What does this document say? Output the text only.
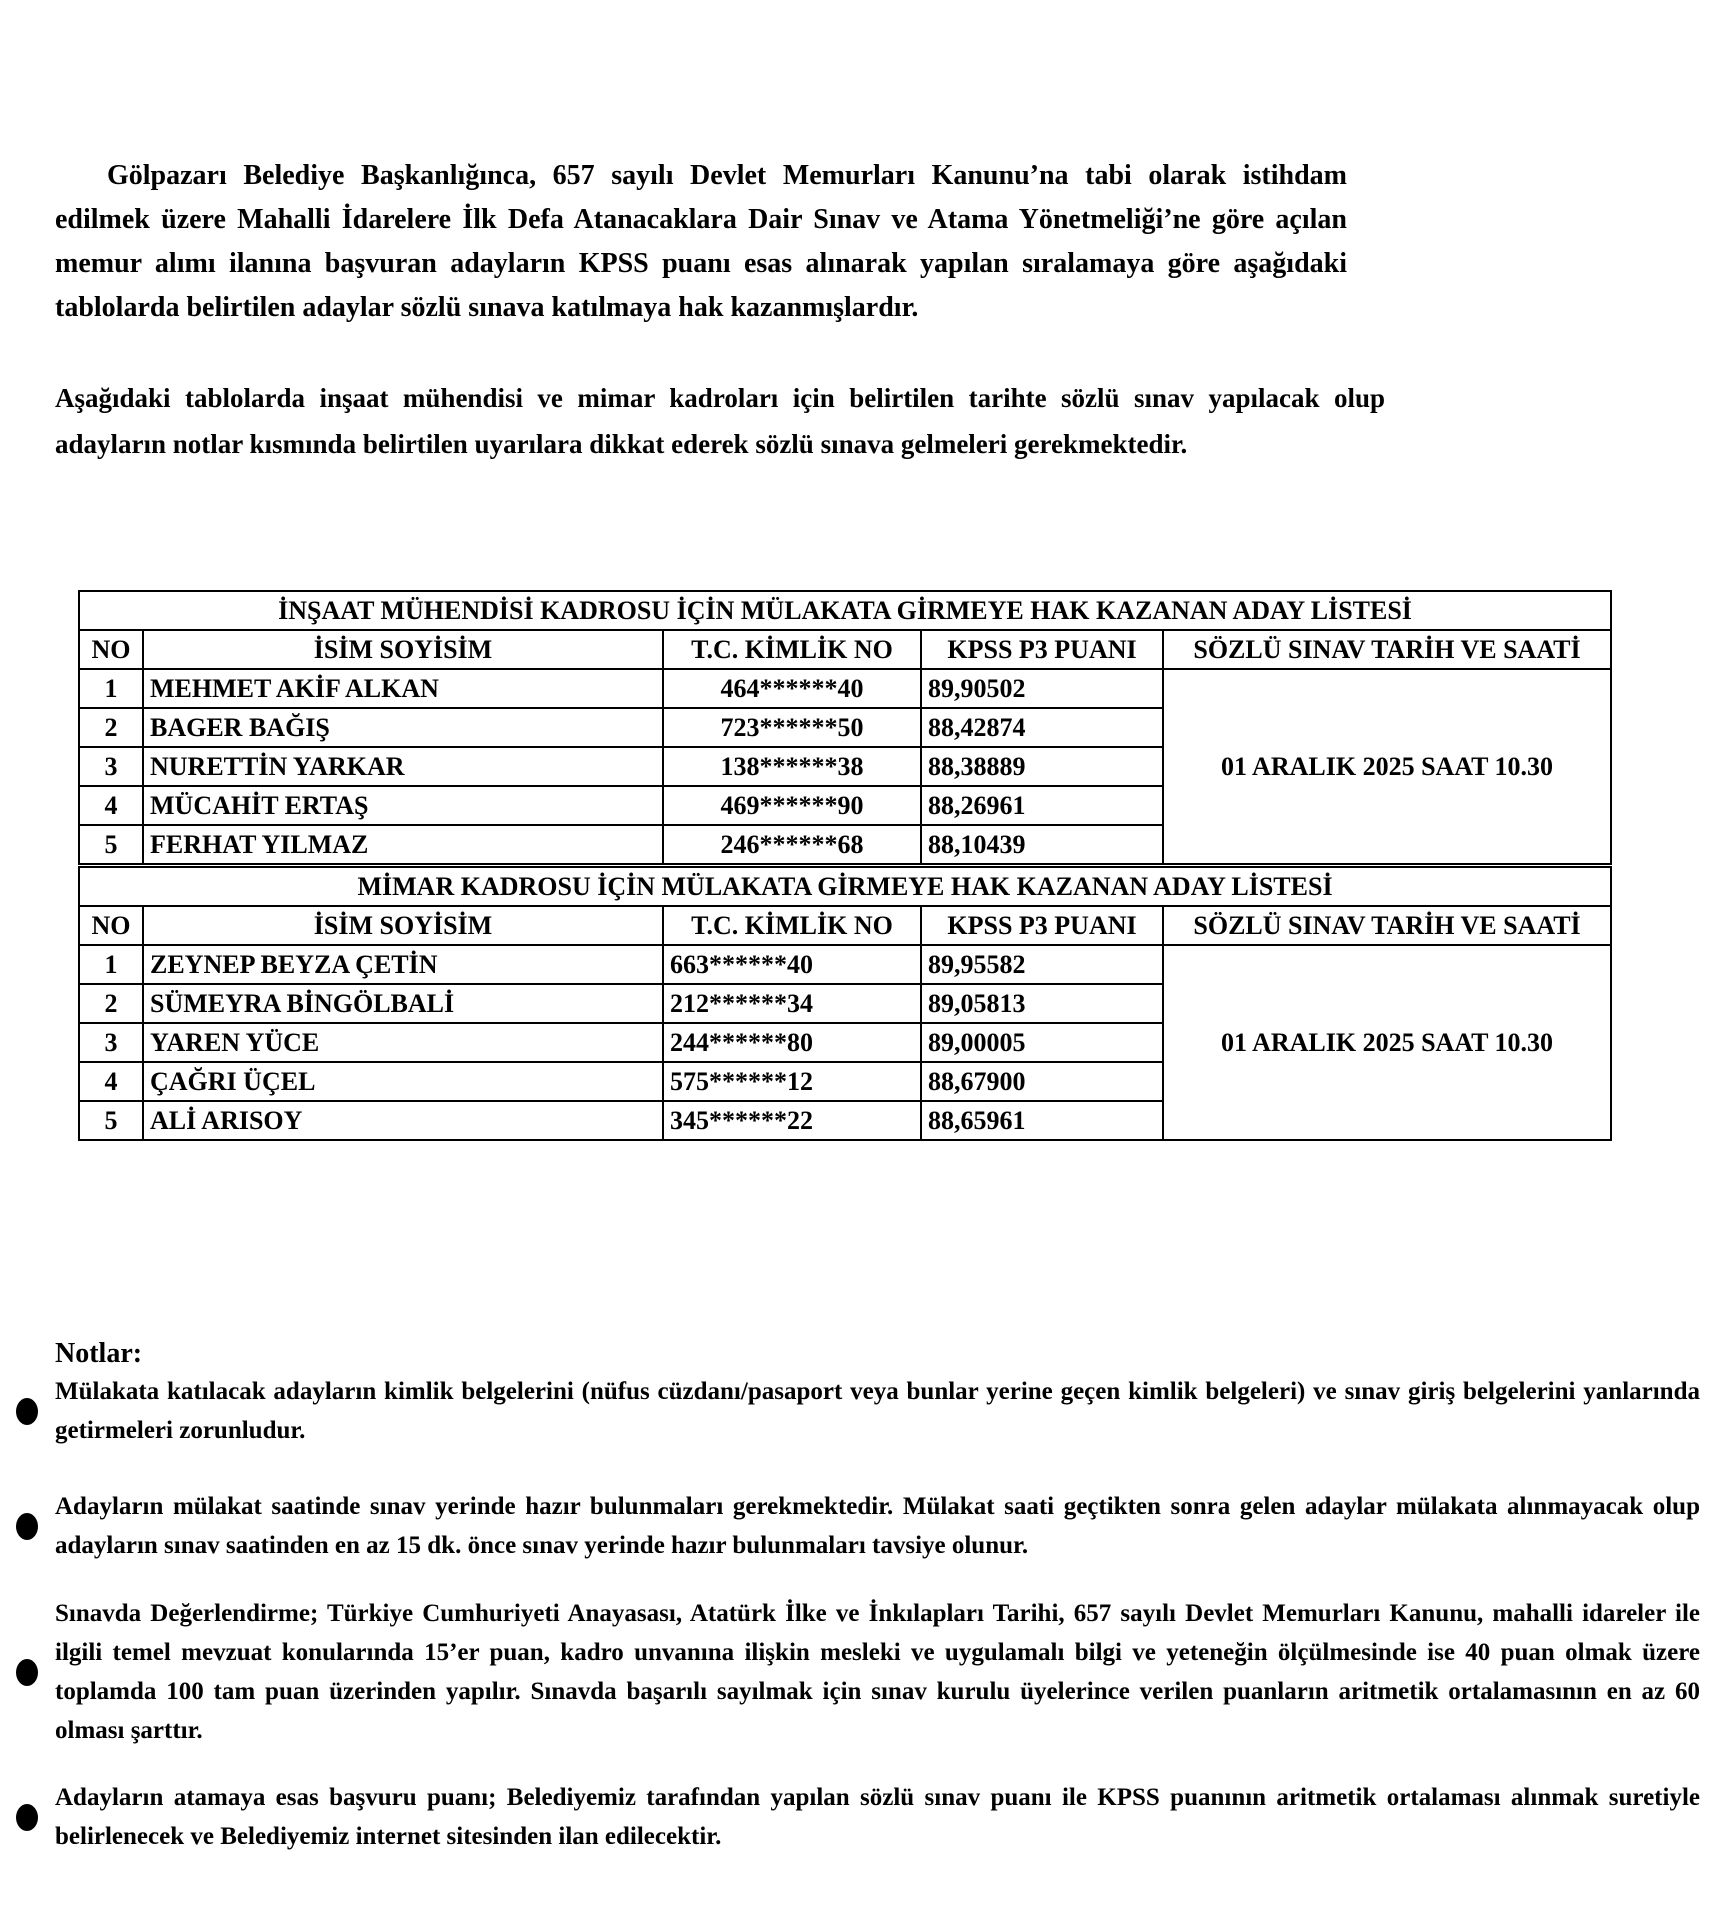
Gölpazarı Belediye Başkanlığınca, 657 sayılı Devlet Memurları Kanunu’na tabi olarak istihdam edilmek üzere Mahalli İdarelere İlk Defa Atanacaklara Dair Sınav ve Atama Yönetmeliği’ne göre açılan memur alımı ilanına başvuran adayların KPSS puanı esas alınarak yapılan sıralamaya göre aşağıdaki tablolarda belirtilen adaylar sözlü sınava katılmaya hak kazanmışlardır.

Aşağıdaki tablolarda inşaat mühendisi ve mimar kadroları için belirtilen tarihte sözlü sınav yapılacak olup adayların notlar kısmında belirtilen uyarılara dikkat ederek sözlü sınava gelmeleri gerekmektedir.

İNŞAAT MÜHENDİSİ KADROSU İÇİN MÜLAKATA GİRMEYE HAK KAZANAN ADAY LİSTESİ				
NO	İSİM SOYİSİM	T.C. KİMLİK NO	KPSS P3 PUANI	SÖZLÜ SINAV TARİH VE SAATİ
1	MEHMET AKİF ALKAN	464******40	89,90502	01 ARALIK 2025 SAAT 10.30
2	BAGER BAĞIŞ	723******50	88,42874	
3	NURETTİN YARKAR	138******38	88,38889	
4	MÜCAHİT ERTAŞ	469******90	88,26961	
5	FERHAT YILMAZ	246******68	88,10439	
MİMAR KADROSU İÇİN MÜLAKATA GİRMEYE HAK KAZANAN ADAY LİSTESİ				
NO	İSİM SOYİSİM	T.C. KİMLİK NO	KPSS P3 PUANI	SÖZLÜ SINAV TARİH VE SAATİ
1	ZEYNEP BEYZA ÇETİN	663******40	89,95582	01 ARALIK 2025 SAAT 10.30
2	SÜMEYRA BİNGÖLBALİ	212******34	89,05813	
3	YAREN YÜCE	244******80	89,00005	
4	ÇAĞRI ÜÇEL	575******12	88,67900	
5	ALİ ARISOY	345******22	88,65961	
Notlar:
Mülakata katılacak adayların kimlik belgelerini (nüfus cüzdanı/pasaport veya bunlar yerine geçen kimlik belgeleri) ve sınav giriş belgelerini yanlarında getirmeleri zorunludur.
Adayların mülakat saatinde sınav yerinde hazır bulunmaları gerekmektedir. Mülakat saati geçtikten sonra gelen adaylar mülakata alınmayacak olup adayların sınav saatinden en az 15 dk. önce sınav yerinde hazır bulunmaları tavsiye olunur.
Sınavda Değerlendirme; Türkiye Cumhuriyeti Anayasası, Atatürk İlke ve İnkılapları Tarihi, 657 sayılı Devlet Memurları Kanunu, mahalli idareler ile ilgili temel mevzuat konularında 15’er puan, kadro unvanına ilişkin mesleki ve uygulamalı bilgi ve yeteneğin ölçülmesinde ise 40 puan olmak üzere toplamda 100 tam puan üzerinden yapılır. Sınavda başarılı sayılmak için sınav kurulu üyelerince verilen puanların aritmetik ortalamasının en az 60 olması şarttır.
Adayların atamaya esas başvuru puanı; Belediyemiz tarafından yapılan sözlü sınav puanı ile KPSS puanının aritmetik ortalaması alınmak suretiyle belirlenecek ve Belediyemiz internet sitesinden ilan edilecektir.
